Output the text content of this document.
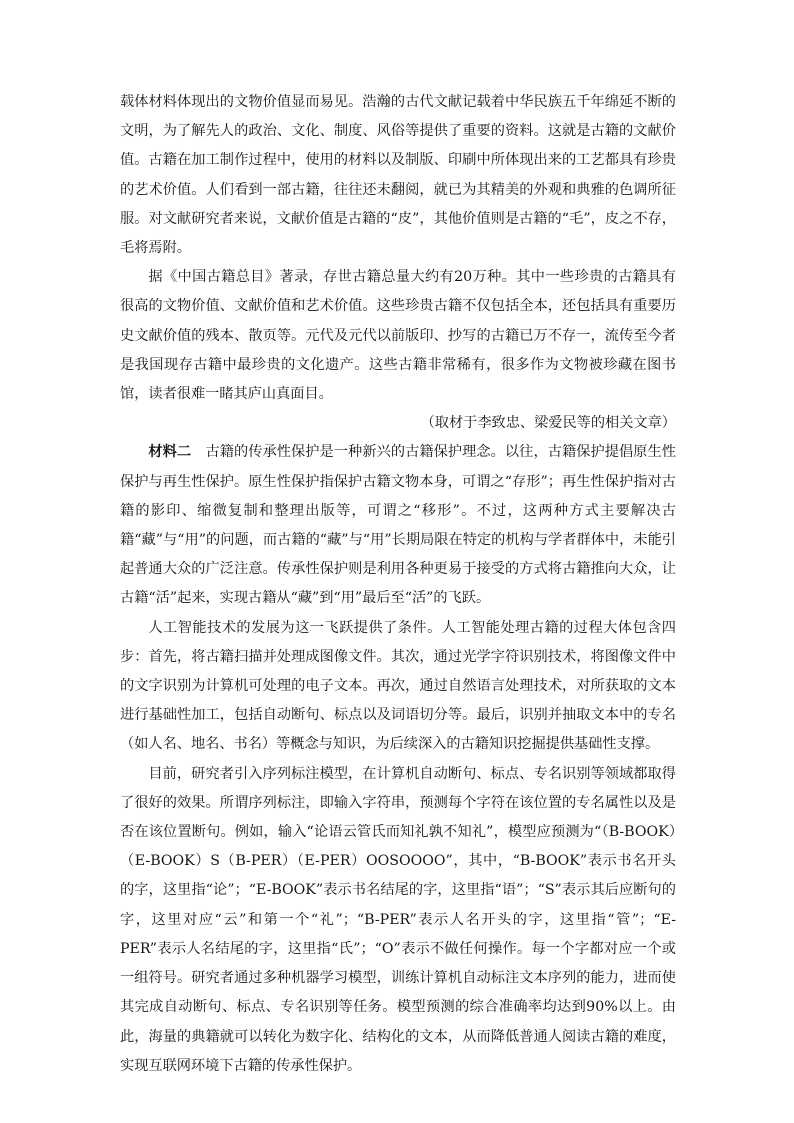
载体材料体现出的文物价值显而易见。浩瀚的古代文献记载着中华民族五千年绵延不断的文明，为了解先人的政治、文化、制度、风俗等提供了重要的资料。这就是古籍的文献价值。古籍在加工制作过程中，使用的材料以及制版、印刷中所体现出来的工艺都具有珍贵的艺术价值。人们看到一部古籍，往往还未翻阅，就已为其精美的外观和典雅的色调所征服。对文献研究者来说，文献价值是古籍的“皮”，其他价值则是古籍的“毛”，皮之不存，毛将焉附。

据《中国古籍总目》著录，存世古籍总量大约有20万种。其中一些珍贵的古籍具有很高的文物价值、文献价值和艺术价值。这些珍贵古籍不仅包括全本，还包括具有重要历史文献价值的残本、散页等。元代及元代以前版印、抄写的古籍已万不存一，流传至今者是我国现存古籍中最珍贵的文化遗产。这些古籍非常稀有，很多作为文物被珍藏在图书馆，读者很难一睹其庐山真面目。

（取材于李致忠、梁爱民等的相关文章）

材料二　 古籍的传承性保护是一种新兴的古籍保护理念。以往，古籍保护提倡原生性保护与再生性保护。原生性保护指保护古籍文物本身，可谓之“存形”；再生性保护指对古籍的影印、缩微复制和整理出版等，可谓之“移形”。不过，这两种方式主要解决古籍“藏”与“用”的问题，而古籍的“藏”与“用”长期局限在特定的机构与学者群体中，未能引起普通大众的广泛注意。传承性保护则是利用各种更易于接受的方式将古籍推向大众，让古籍“活”起来，实现古籍从“藏”到“用”最后至“活”的飞跃。

人工智能技术的发展为这一飞跃提供了条件。人工智能处理古籍的过程大体包含四步：首先，将古籍扫描并处理成图像文件。其次，通过光学字符识别技术，将图像文件中的文字识别为计算机可处理的电子文本。再次，通过自然语言处理技术，对所获取的文本进行基础性加工，包括自动断句、标点以及词语切分等。最后，识别并抽取文本中的专名（如人名、地名、书名）等概念与知识，为后续深入的古籍知识挖掘提供基础性支撑。

目前，研究者引入序列标注模型，在计算机自动断句、标点、专名识别等领域都取得了很好的效果。所谓序列标注，即输入字符串，预测每个字符在该位置的专名属性以及是否在该位置断句。例如，输入“论语云管氏而知礼孰不知礼”，模型应预测为“（B-BOOK）（E-BOOK）S（B-PER）（E-PER）OOSOOOO”，其中，“B-BOOK”表示书名开头的字，这里指“论”；“E-BOOK”表示书名结尾的字，这里指“语”；“S”表示其后应断句的字，这里对应“云”和第一个“礼”；“B-PER”表示人名开头的字，这里指“管”；“E-PER”表示人名结尾的字，这里指“氏”；“O”表示不做任何操作。每一个字都对应一个或一组符号。研究者通过多种机器学习模型，训练计算机自动标注文本序列的能力，进而使其完成自动断句、标点、专名识别等任务。模型预测的综合准确率均达到90%以上。由此，海量的典籍就可以转化为数字化、结构化的文本，从而降低普通人阅读古籍的难度，实现互联网环境下古籍的传承性保护。
